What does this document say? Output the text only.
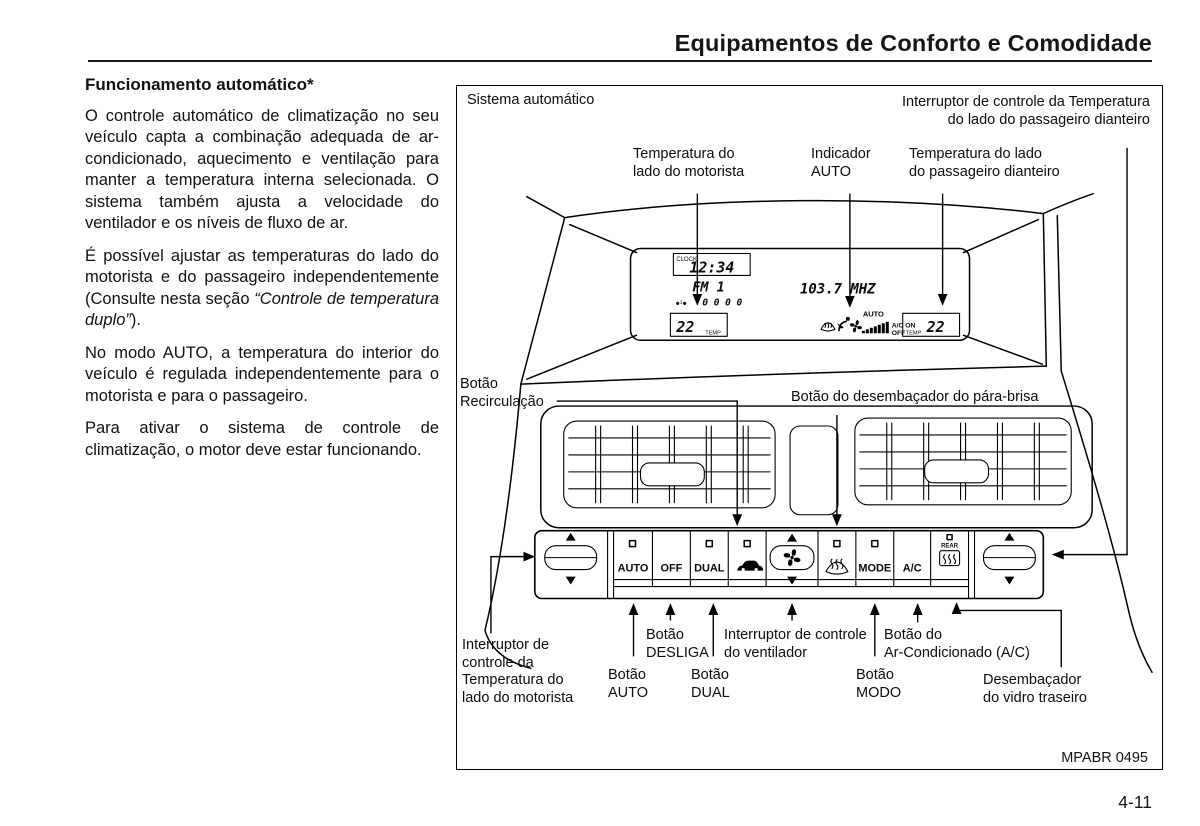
Equipamentos de Conforto e Comodidade
Funcionamento automático*

O controle automático de climatização no seu veículo capta a combinação adequada de ar-condicionado, aquecimento e ventilação para manter a temperatura interna selecionada. O sistema também ajusta a velocidade do ventilador e os níveis de fluxo de ar.

É possível ajustar as temperaturas do lado do motorista e do passageiro independentemente (Consulte nesta seção “Controle de temperatura duplo”).

No modo AUTO, a temperatura do interior do veículo é regulada independentemente para o motorista e para o passageiro.

Para ativar o sistema de controle de climatização, o motor deve estar funcionando.

AUTO OFF DUAL	MODE A/C
REAR
CLOCK
12:34
FM 1	103.7 MHZ
●¹● 0 0 0 0
22 TEMP	TEMP 22
AUTO
A/C ON
OFF
Sistema automático	Interruptor de controle da Temperatura
do lado do passageiro dianteiro
Temperatura do
lado do motorista
Indicador
AUTO
Temperatura do lado
do passageiro dianteiro
Botão
Recirculação	Botão do desembaçador do pára-brisa
Interruptor de
controle da
Temperatura do
lado do motorista
Botão
DESLIGA
Interruptor de controle
do ventilador
Botão do
Ar-Condicionado (A/C)
Botão
AUTO
Botão
DUAL
Botão
MODO
Desembaçador
do vidro traseiro
MPABR 0495
4-11
